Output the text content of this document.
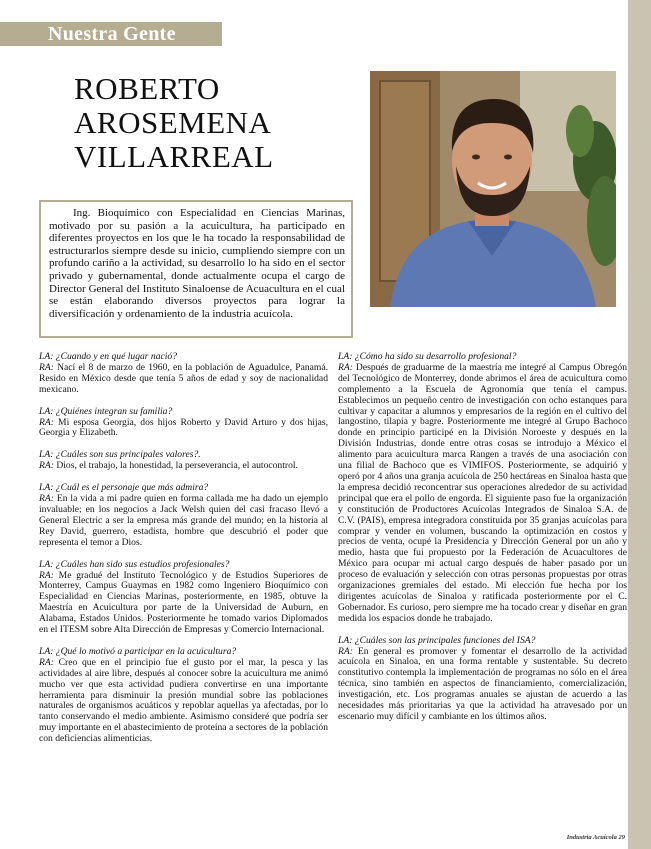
Nuestra Gente
ROBERTO
AROSEMENA
VILLARREAL

Ing. Bioquímico con Especialidad en Ciencias Marinas, motivado por su pasión a la acuicultura, ha participado en diferentes proyectos en los que le ha tocado la responsabilidad de estructurarlos siempre desde su inicio, cumpliendo siempre con un profundo cariño a la actividad, su desarrollo lo ha sido en el sector privado y gubernamental, donde actualmente ocupa el cargo de Director General del Instituto Sinaloense de Acuacultura en el cual se están elaborando diversos proyectos para lograr la diversificación y ordenamiento de la industria acuícola.

LA: ¿Cuando y en qué lugar nació?

RA: Nací el 8 de marzo de 1960, en la población de Aguadulce, Panamá. Resido en México desde que tenía 5 años de edad y soy de nacionalidad mexicano.

LA: ¿Quiénes integran su familia?

RA: Mi esposa Georgia, dos hijos Roberto y David Arturo y dos hijas, Georgia y Elizabeth.

LA: ¿Cuáles son sus principales valores?.

RA: Dios, el trabajo, la honestidad, la perseverancia, el autocontrol.

LA: ¿Cuál es el personaje que más admira?

RA: En la vida a mi padre quien en forma callada me ha dado un ejemplo invaluable; en los negocios a Jack Welsh quien del casi fracaso llevó a General Electric a ser la empresa más grande del mundo; en la historia al Rey David, guerrero, estadista, hombre que descubrió el poder que representa el temor a Dios.

LA: ¿Cuáles han sido sus estudios profesionales?

RA: Me gradué del Instituto Tecnológico y de Estudios Superiores de Monterrey, Campus Guaymas en 1982 como Ingeniero Bioquímico con Especialidad en Ciencias Marinas, posteriormente, en 1985, obtuve la Maestría en Acuicultura por parte de la Universidad de Auburn, en Alabama, Estados Unidos. Posteriormente he tomado varios Diplomados en el ITESM sobre Alta Dirección de Empresas y Comercio Internacional.

LA: ¿Qué lo motivó a participar en la acuicultura?

RA: Creo que en el principio fue el gusto por el mar, la pesca y las actividades al aire libre, después al conocer sobre la acuicultura me animó mucho ver que esta actividad pudiera convertirse en una importante herramienta para disminuir la presión mundial sobre las poblaciones naturales de organismos acuáticos y repoblar aquellas ya afectadas, por lo tanto conservando el medio ambiente. Asimismo consideré que podría ser muy importante en el abastecimiento de proteína a sectores de la población con deficiencias alimenticias.

LA: ¿Cómo ha sido su desarrollo profesional?

RA: Después de graduarme de la maestría me integré al Campus Obregón del Tecnológico de Monterrey, donde abrimos el área de acuicultura como complemento a la Escuela de Agronomía que tenía el campus. Establecimos un pequeño centro de investigación con ocho estanques para cultivar y capacitar a alumnos y empresarios de la región en el cultivo del langostino, tilapia y bagre. Posteriormente me integré al Grupo Bachoco donde en principio participé en la División Noroeste y después en la División Industrias, donde entre otras cosas se introdujo a México el alimento para acuicultura marca Rangen a través de una asociación con una filial de Bachoco que es VIMIFOS. Posteriormente, se adquirió y operó por 4 años una granja acuícola de 250 hectáreas en Sinaloa hasta que la empresa decidió reconcentrar sus operaciones alrededor de su actividad principal que era el pollo de engorda. El siguiente paso fue la organización y constitución de Productores Acuícolas Integrados de Sinaloa S.A. de C.V. (PAIS), empresa integradora constituida por 35 granjas acuícolas para comprar y vender en volumen, buscando la optimización en costos y precios de venta, ocupé la Presidencia y Dirección General por un año y medio, hasta que fui propuesto por la Federación de Acuacultores de México para ocupar mi actual cargo después de haber pasado por un proceso de evaluación y selección con otras personas propuestas por otras organizaciones gremiales del estado. Mi elección fue hecha por los dirigentes acuícolas de Sinaloa y ratificada posteriormente por el C. Gobernador. Es curioso, pero siempre me ha tocado crear y diseñar en gran medida los espacios donde he trabajado.

LA: ¿Cuáles son las principales funciones del ISA?

RA: En general es promover y fomentar el desarrollo de la actividad acuícola en Sinaloa, en una forma rentable y sustentable. Su decreto constitutivo contempla la implementación de programas no sólo en el área técnica, sino también en aspectos de financiamiento, comercialización, investigación, etc. Los programas anuales se ajustan de acuerdo a las necesidades más prioritarias ya que la actividad ha atravesado por un escenario muy difícil y cambiante en los últimos años.

Industria Acuícola 29
